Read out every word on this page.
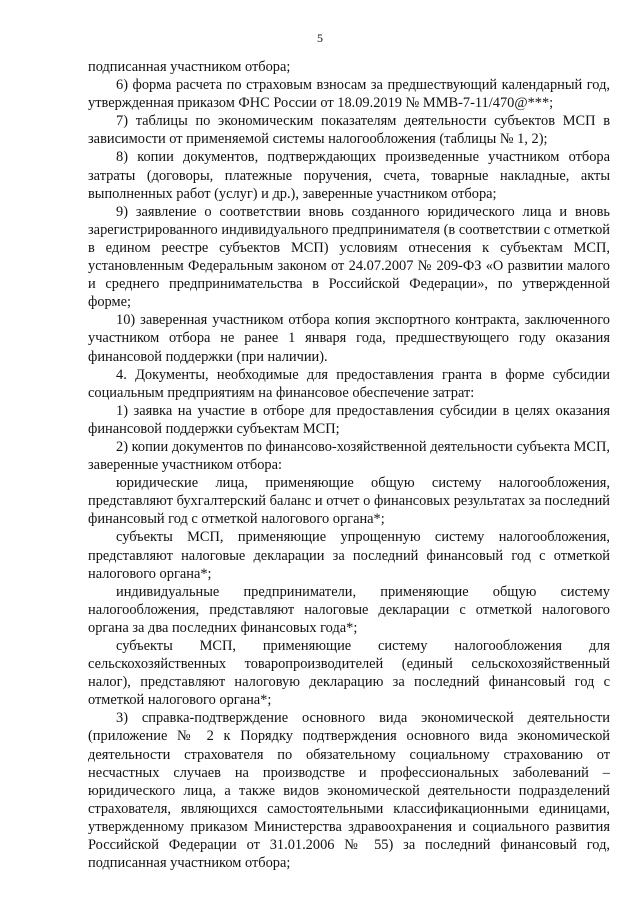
5

подписанная участником отбора;

6) форма расчета по страховым взносам за предшествующий календарный год, утвержденная приказом ФНС России от 18.09.2019 № ММВ-7-11/470@***;

7) таблицы по экономическим показателям деятельности субъектов МСП в зависимости от применяемой системы налогообложения (таблицы № 1, 2);

8) копии документов, подтверждающих произведенные участником отбора затраты (договоры, платежные поручения, счета, товарные накладные, акты выполненных работ (услуг) и др.), заверенные участником отбора;

9) заявление о соответствии вновь созданного юридического лица и вновь зарегистрированного индивидуального предпринимателя (в соответствии с отметкой в едином реестре субъектов МСП) условиям отнесения к субъектам МСП, установленным Федеральным законом от 24.07.2007 № 209-ФЗ «О развитии малого и среднего предпринимательства в Российской Федерации», по утвержденной форме;

10) заверенная участником отбора копия экспортного контракта, заключенного участником отбора не ранее 1 января года, предшествующего году оказания финансовой поддержки (при наличии).

4. Документы, необходимые для предоставления гранта в форме субсидии социальным предприятиям на финансовое обеспечение затрат:

1) заявка на участие в отборе для предоставления субсидии в целях оказания финансовой поддержки субъектам МСП;

2) копии документов по финансово-хозяйственной деятельности субъекта МСП, заверенные участником отбора:

юридические лица, применяющие общую систему налогообложения, представляют бухгалтерский баланс и отчет о финансовых результатах за последний финансовый год с отметкой налогового органа*;

субъекты МСП, применяющие упрощенную систему налогообложения, представляют налоговые декларации за последний финансовый год с отметкой налогового органа*;

индивидуальные предприниматели, применяющие общую систему налогообложения, представляют налоговые декларации с отметкой налогового органа за два последних финансовых года*;

субъекты МСП, применяющие систему налогообложения для сельскохозяйственных товаропроизводителей (единый сельскохозяйственный налог), представляют налоговую декларацию за последний финансовый год с отметкой налогового органа*;

3) справка-подтверждение основного вида экономической деятельности (приложение № 2 к Порядку подтверждения основного вида экономической деятельности страхователя по обязательному социальному страхованию от несчастных случаев на производстве и профессиональных заболеваний – юридического лица, а также видов экономической деятельности подразделений страхователя, являющихся самостоятельными классификационными единицами, утвержденному приказом Министерства здравоохранения и социального развития Российской Федерации от 31.01.2006 № 55) за последний финансовый год, подписанная участником отбора;
